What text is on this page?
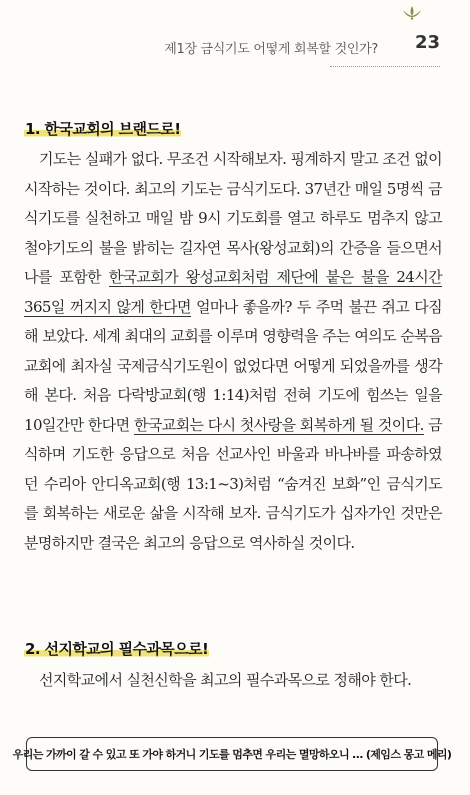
제1장 금식기도 어떻게 회복할 것인가? 23
1. 한국교회의 브랜드로!

기도는 실패가 없다. 무조건 시작해보자. 핑계하지 말고 조건 없이 시작하는 것이다. 최고의 기도는 금식기도다. 37년간 매일 5명씩 금식기도를 실천하고 매일 밤 9시 기도회를 열고 하루도 멈추지 않고 철야기도의 불을 밝히는 길자연 목사(왕성교회)의 간증을 들으면서 나를 포함한 한국교회가 왕성교회처럼 제단에 붙은 불을 24시간 365일 꺼지지 않게 한다면 얼마나 좋을까? 두 주먹 불끈 쥐고 다짐해 보았다. 세계 최대의 교회를 이루며 영향력을 주는 여의도 순복음교회에 최자실 국제금식기도원이 없었다면 어떻게 되었을까를 생각해 본다. 처음 다락방교회(행 1:14)처럼 전혀 기도에 힘쓰는 일을 10일간만 한다면 한국교회는 다시 첫사랑을 회복하게 될 것이다. 금식하며 기도한 응답으로 처음 선교사인 바울과 바나바를 파송하였던 수리아 안디옥교회(행 13:1~3)처럼 “숨겨진 보화”인 금식기도를 회복하는 새로운 삶을 시작해 보자. 금식기도가 십자가인 것만은 분명하지만 결국은 최고의 응답으로 역사하실 것이다.

2. 선지학교의 필수과목으로!

선지학교에서 실천신학을 최고의 필수과목으로 정해야 한다.

우리는 가까이 갈 수 있고 또 가야 하거니 기도를 멈추면 우리는 멸망하오니 … (제임스 몽고 메리)
